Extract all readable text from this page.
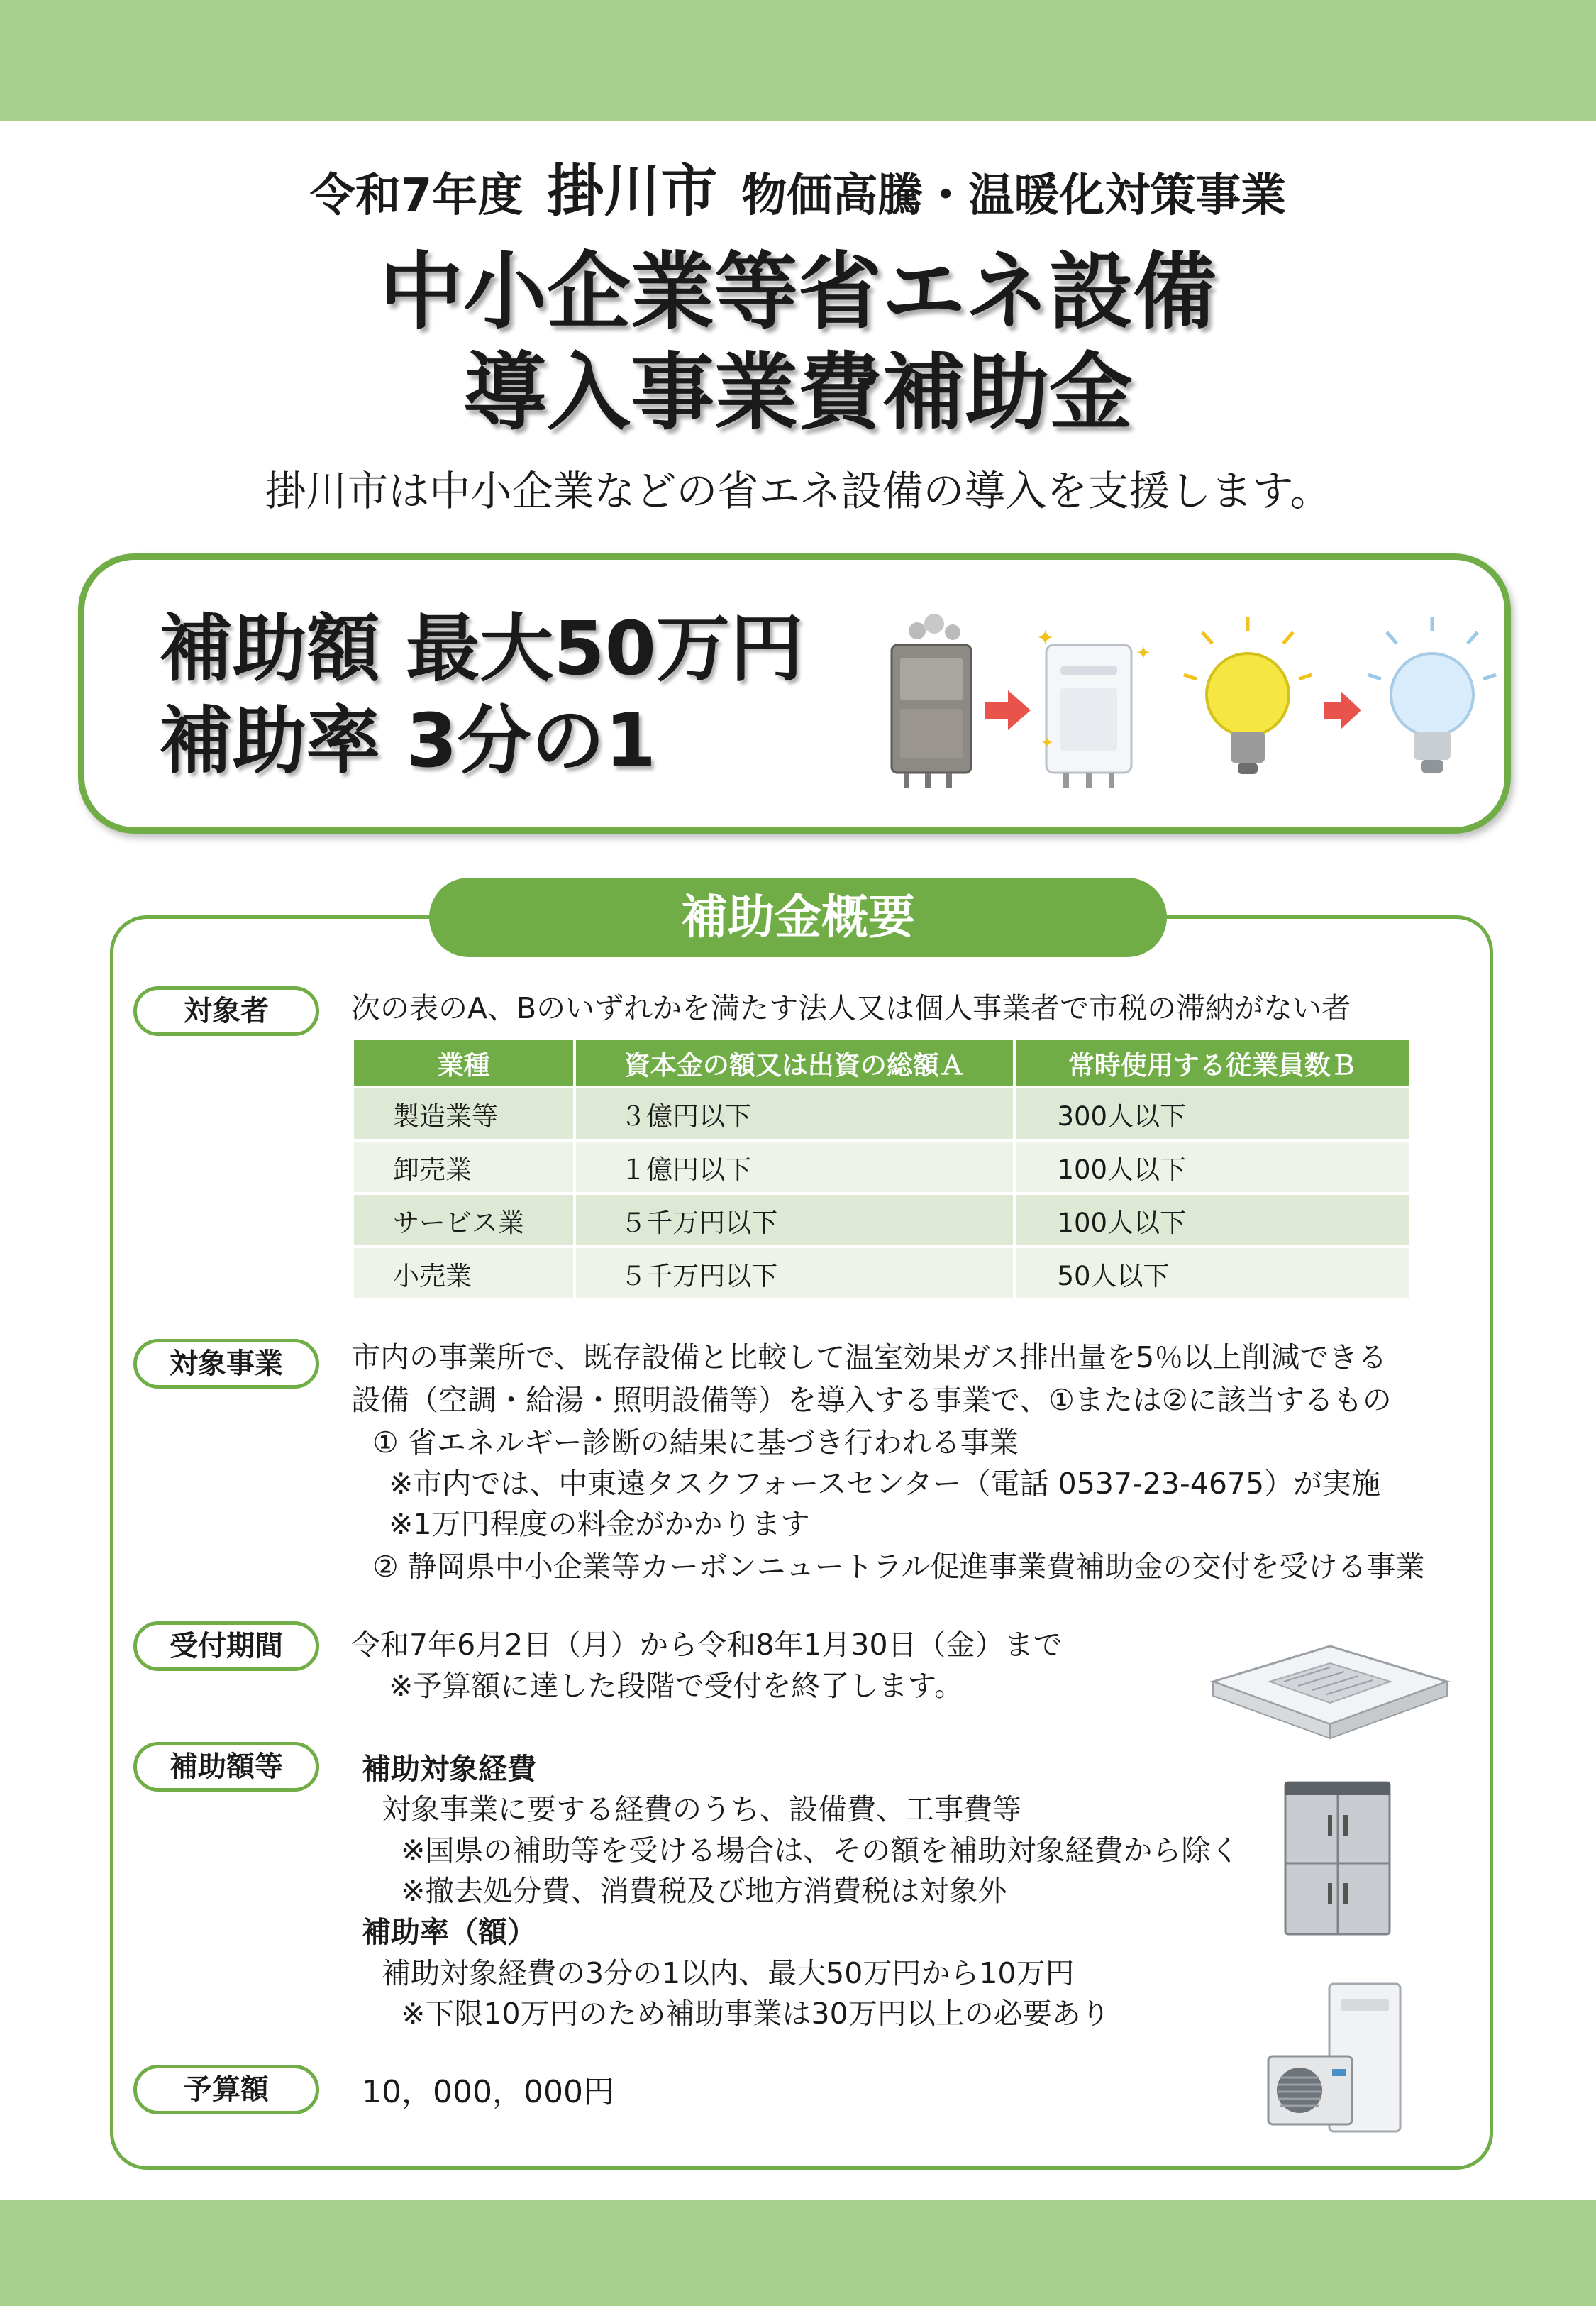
令和7年度 掛川市 物価高騰・温暖化対策事業
中小企業等省エネ設備
導入事業費補助金
掛川市は中小企業などの省エネ設備の導入を支援します。
補助額 最大50万円
補助率 3分の1
✦
✦
✦
補助金概要
対象者	次の表のA、Bのいずれかを満たす法人又は個人事業者で市税の滞納がない者
業種	資本金の額又は出資の総額Ａ	常時使用する従業員数Ｂ
製造業等	３億円以下	300人以下
卸売業	１億円以下	100人以下
サービス業	５千万円以下	100人以下
小売業	５千万円以下	50人以下
対象事業	市内の事業所で、既存設備と比較して温室効果ガス排出量を5％以上削減できる
設備（空調・給湯・照明設備等）を導入する事業で、①または②に該当するもの
① 省エネルギー診断の結果に基づき行われる事業
※市内では、中東遠タスクフォースセンター（電話 0537-23-4675）が実施
※1万円程度の料金がかかります
② 静岡県中小企業等カーボンニュートラル促進事業費補助金の交付を受ける事業
受付期間	令和7年6月2日（月）から令和8年1月30日（金）まで
※予算額に達した段階で受付を終了します。
補助額等	補助対象経費
対象事業に要する経費のうち、設備費、工事費等
※国県の補助等を受ける場合は、その額を補助対象経費から除く
※撤去処分費、消費税及び地方消費税は対象外
補助率（額）
補助対象経費の3分の1以内、最大50万円から10万円
※下限10万円のため補助事業は30万円以上の必要あり
予算額	10，000，000円
